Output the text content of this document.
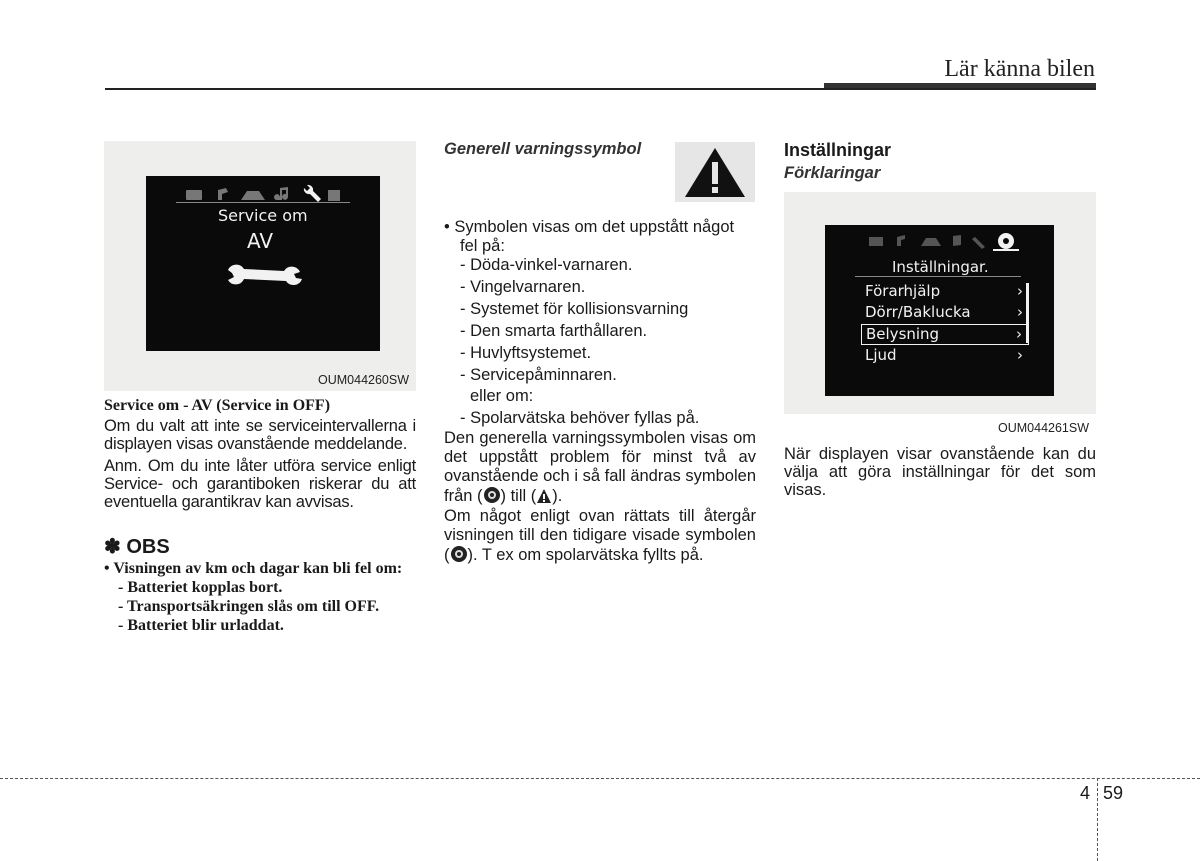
Lär känna bilen
Service om
AV
OUM044260SW

Service om - AV (Service in OFF)

Om du valt att inte se serviceintervallerna i displayen visas ovanstående meddelande.

Anm. Om du inte låter utföra service enligt Service- och garantiboken riskerar du att eventuella garantikrav kan avvisas.

✽ OBS

• Visningen av km och dagar kan bli fel om:

- Batteriet kopplas bort.

- Transportsäkringen slås om till OFF.

- Batteriet blir urladdat.

Generell varningssymbol

• Symbolen visas om det uppstått något fel på:

- Döda-vinkel-varnaren.

- Vingelvarnaren.

- Systemet för kollisionsvarning

- Den smarta farthållaren.

- Huvlyftsystemet.

- Servicepåminnaren.

eller om:

- Spolarvätska behöver fyllas på.

Den generella varningssymbolen visas om det uppstått problem för minst två av ovanstående och i så fall ändras symbolen från ( ) till ( ).

Om något enligt ovan rättats till återgår visningen till den tidigare visade symbolen ( ). T ex om spolarvätska fyllts på.

Inställningar
Förklaringar
Inställningar.
Förarhjälp	›
Dörr/Baklucka	›
Belysning	›
Ljud	›
OUM044261SW

När displayen visar ovanstående kan du välja att göra inställningar för det som visas.

4 59
